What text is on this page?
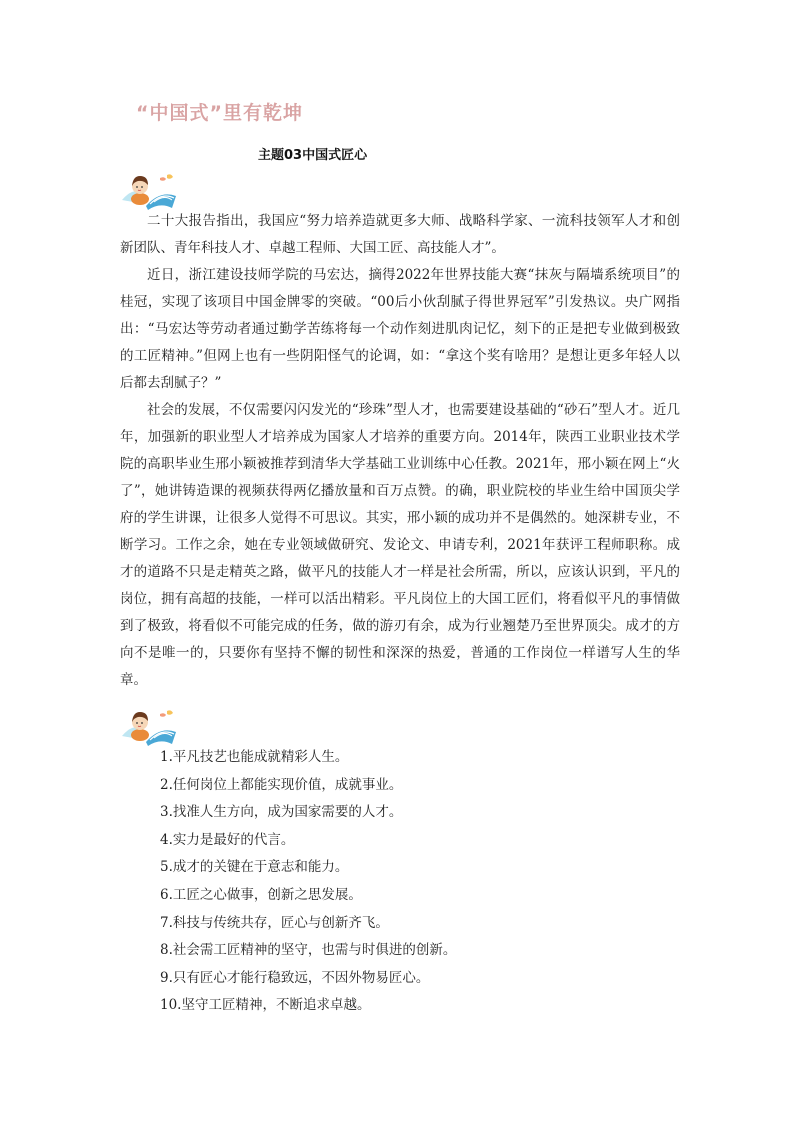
“中国式”里有乾坤
主题03中国式匠心

二十大报告指出，我国应“努力培养造就更多大师、战略科学家、一流科技领军人才和创新团队、青年科技人才、卓越工程师、大国工匠、高技能人才”。

近日，浙江建设技师学院的马宏达，摘得2022年世界技能大赛“抹灰与隔墙系统项目”的桂冠，实现了该项目中国金牌零的突破。“00后小伙刮腻子得世界冠军”引发热议。央广网指出：“马宏达等劳动者通过勤学苦练将每一个动作刻进肌肉记忆，刻下的正是把专业做到极致的工匠精神。”但网上也有一些阴阳怪气的论调，如：“拿这个奖有啥用？是想让更多年轻人以后都去刮腻子？”

社会的发展，不仅需要闪闪发光的“珍珠”型人才，也需要建设基础的“砂石”型人才。近几年，加强新的职业型人才培养成为国家人才培养的重要方向。2014年，陕西工业职业技术学院的高职毕业生邢小颖被推荐到清华大学基础工业训练中心任教。2021年，邢小颖在网上“火了”，她讲铸造课的视频获得两亿播放量和百万点赞。的确，职业院校的毕业生给中国顶尖学府的学生讲课，让很多人觉得不可思议。其实，邢小颖的成功并不是偶然的。她深耕专业，不断学习。工作之余，她在专业领域做研究、发论文、申请专利，2021年获评工程师职称。成才的道路不只是走精英之路，做平凡的技能人才一样是社会所需，所以，应该认识到，平凡的岗位，拥有高超的技能，一样可以活出精彩。平凡岗位上的大国工匠们，将看似平凡的事情做到了极致，将看似不可能完成的任务，做的游刃有余，成为行业翘楚乃至世界顶尖。成才的方向不是唯一的，只要你有坚持不懈的韧性和深深的热爱，普通的工作岗位一样谱写人生的华章。

1.平凡技艺也能成就精彩人生。
2.任何岗位上都能实现价值，成就事业。
3.找准人生方向，成为国家需要的人才。
4.实力是最好的代言。
5.成才的关键在于意志和能力。
6.工匠之心做事，创新之思发展。
7.科技与传统共存，匠心与创新齐飞。
8.社会需工匠精神的坚守，也需与时俱进的创新。
9.只有匠心才能行稳致远，不因外物易匠心。
10.坚守工匠精神，不断追求卓越。
